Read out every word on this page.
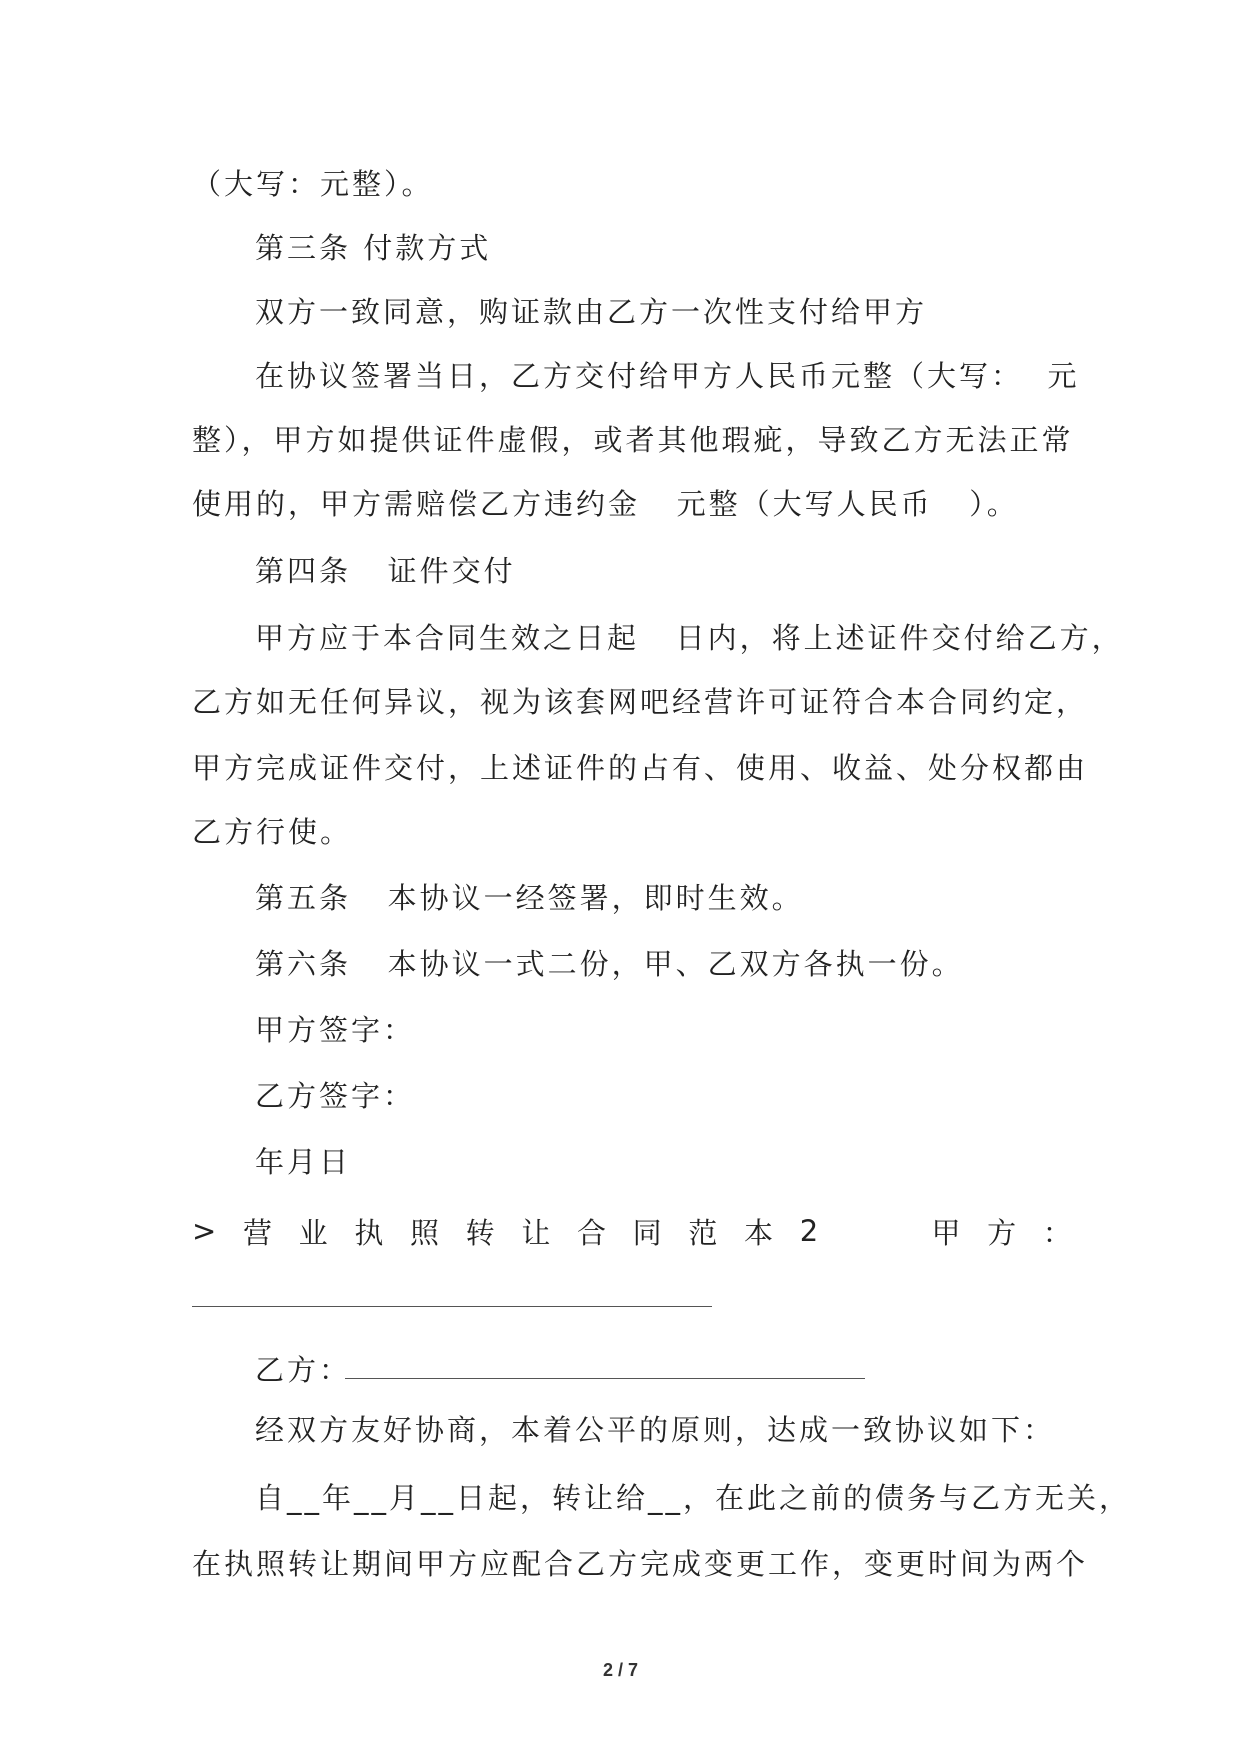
（大写：元整）。
第三条 付款方式
双方一致同意，购证款由乙方一次性支付给甲方
在协议签署当日，乙方交付给甲方人民币元整（大写：  元
整），甲方如提供证件虚假，或者其他瑕疵，导致乙方无法正常
使用的，甲方需赔偿乙方违约金   元整（大写人民币   ）。
第四条   证件交付
甲方应于本合同生效之日起   日内，将上述证件交付给乙方，
乙方如无任何异议，视为该套网吧经营许可证符合本合同约定，
甲方完成证件交付，上述证件的占有、使用、收益、处分权都由
乙方行使。
第五条   本协议一经签署，即时生效。
第六条   本协议一式二份，甲、乙双方各执一份。
甲方签字：
乙方签字：
年月日
> 营 业 执 照 转 让 合 同 范 本 2	甲 方 ：
乙方：
经双方友好协商，本着公平的原则，达成一致协议如下：
自__年__月__日起，转让给__，在此之前的债务与乙方无关，
在执照转让期间甲方应配合乙方完成变更工作，变更时间为两个
2 / 7
